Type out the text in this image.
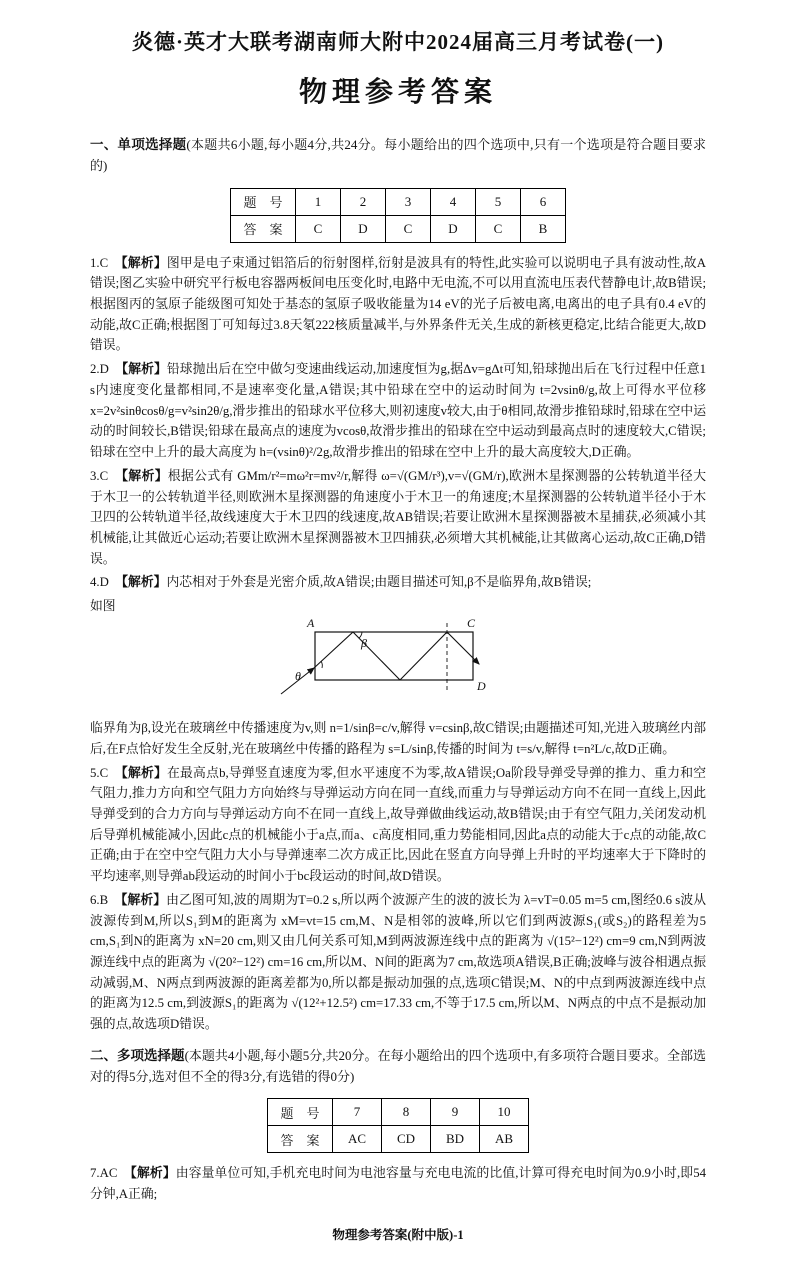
炎德·英才大联考湖南师大附中2024届高三月考试卷(一)
物理参考答案
一、单项选择题(本题共6小题,每小题4分,共24分。每小题给出的四个选项中,只有一个选项是符合题目要求的)
题　号	1	2	3	4	5	6
答　案	C	D	C	D	C	B

1.C　 【解析】图甲是电子束通过铝箔后的衍射图样,衍射是波具有的特性,此实验可以说明电子具有波动性,故A错误;图乙实验中研究平行板电容器两板间电压变化时,电路中无电流,不可以用直流电压表代替静电计,故B错误;根据图丙的氢原子能级图可知处于基态的氢原子吸收能量为14 eV的光子后被电离,电离出的电子具有0.4 eV的动能,故C正确;根据图丁可知每过3.8天氡222核质量减半,与外界条件无关,生成的新核更稳定,比结合能更大,故D错误。

2.D　 【解析】铅球抛出后在空中做匀变速曲线运动,加速度恒为g,据Δv=gΔt可知,铅球抛出后在飞行过程中任意1 s内速度变化量都相同,不是速率变化量,A错误;其中铅球在空中的运动时间为 t=2vsinθ/g,故上可得水平位移 x=2v²sinθcosθ/g=v²sin2θ/g,滑步推出的铅球水平位移大,则初速度v较大,由于θ相同,故滑步推铅球时,铅球在空中运动的时间较长,B错误;铅球在最高点的速度为vcosθ,故滑步推出的铅球在空中运动到最高点时的速度较大,C错误;铅球在空中上升的最大高度为 h=(vsinθ)²/2g,故滑步推出的铅球在空中上升的最大高度较大,D正确。

3.C　 【解析】根据公式有 GMm/r²=mω²r=mv²/r,解得 ω=√(GM/r³),v=√(GM/r),欧洲木星探测器的公转轨道半径大于木卫一的公转轨道半径,则欧洲木星探测器的角速度小于木卫一的角速度;木星探测器的公转轨道半径小于木卫四的公转轨道半径,故线速度大于木卫四的线速度,故AB错误;若要让欧洲木星探测器被木星捕获,必须减小其机械能,让其做近心运动;若要让欧洲木星探测器被木卫四捕获,必须增大其机械能,让其做离心运动,故C正确,D错误。

4.D　 【解析】内芯相对于外套是光密介质,故A错误;由题目描述可知,β不是临界角,故B错误;

如图
A
β
C
D
θ

临界角为β,设光在玻璃丝中传播速度为v,则 n=1/sinβ=c/v,解得 v=csinβ,故C错误;由题描述可知,光进入玻璃丝内部后,在F点恰好发生全反射,光在玻璃丝中传播的路程为 s=L/sinβ,传播的时间为 t=s/v,解得 t=n²L/c,故D正确。

5.C　 【解析】在最高点b,导弹竖直速度为零,但水平速度不为零,故A错误;Oa阶段导弹受导弹的推力、重力和空气阻力,推力方向和空气阻力方向始终与导弹运动方向在同一直线,而重力与导弹运动方向不在同一直线上,因此导弹受到的合力方向与导弹运动方向不在同一直线上,故导弹做曲线运动,故B错误;由于有空气阻力,关闭发动机后导弹机械能减小,因此c点的机械能小于a点,而a、c高度相同,重力势能相同,因此a点的动能大于c点的动能,故C正确;由于在空中空气阻力大小与导弹速率二次方成正比,因此在竖直方向导弹上升时的平均速率大于下降时的平均速率,则导弹ab段运动的时间小于bc段运动的时间,故D错误。

6.B　 【解析】由乙图可知,波的周期为T=0.2 s,所以两个波源产生的波的波长为 λ=vT=0.05 m=5 cm,图经0.6 s波从波源传到M,所以S₁到M的距离为 xM=vt=15 cm,M、N是相邻的波峰,所以它们到两波源S₁(或S₂)的路程差为5 cm,S₁到N的距离为 xN=20 cm,则又由几何关系可知,M到两波源连线中点的距离为 √(15²−12²) cm=9 cm,N到两波源连线中点的距离为 √(20²−12²) cm=16 cm,所以M、N间的距离为7 cm,故选项A错误,B正确;波峰与波谷相遇点振动减弱,M、N两点到两波源的距离差都为0,所以都是振动加强的点,选项C错误;M、N的中点到两波源连线中点的距离为12.5 cm,到波源S₁的距离为 √(12²+12.5²) cm=17.33 cm,不等于17.5 cm,所以M、N两点的中点不是振动加强的点,故选项D错误。

二、多项选择题(本题共4小题,每小题5分,共20分。在每小题给出的四个选项中,有多项符合题目要求。全部选对的得5分,选对但不全的得3分,有选错的得0分)
题　号	7	8	9	10
答　案	AC	CD	BD	AB

7.AC　 【解析】由容量单位可知,手机充电时间为电池容量与充电电流的比值,计算可得充电时间为0.9小时,即54分钟,A正确;

物理参考答案(附中版)-1
